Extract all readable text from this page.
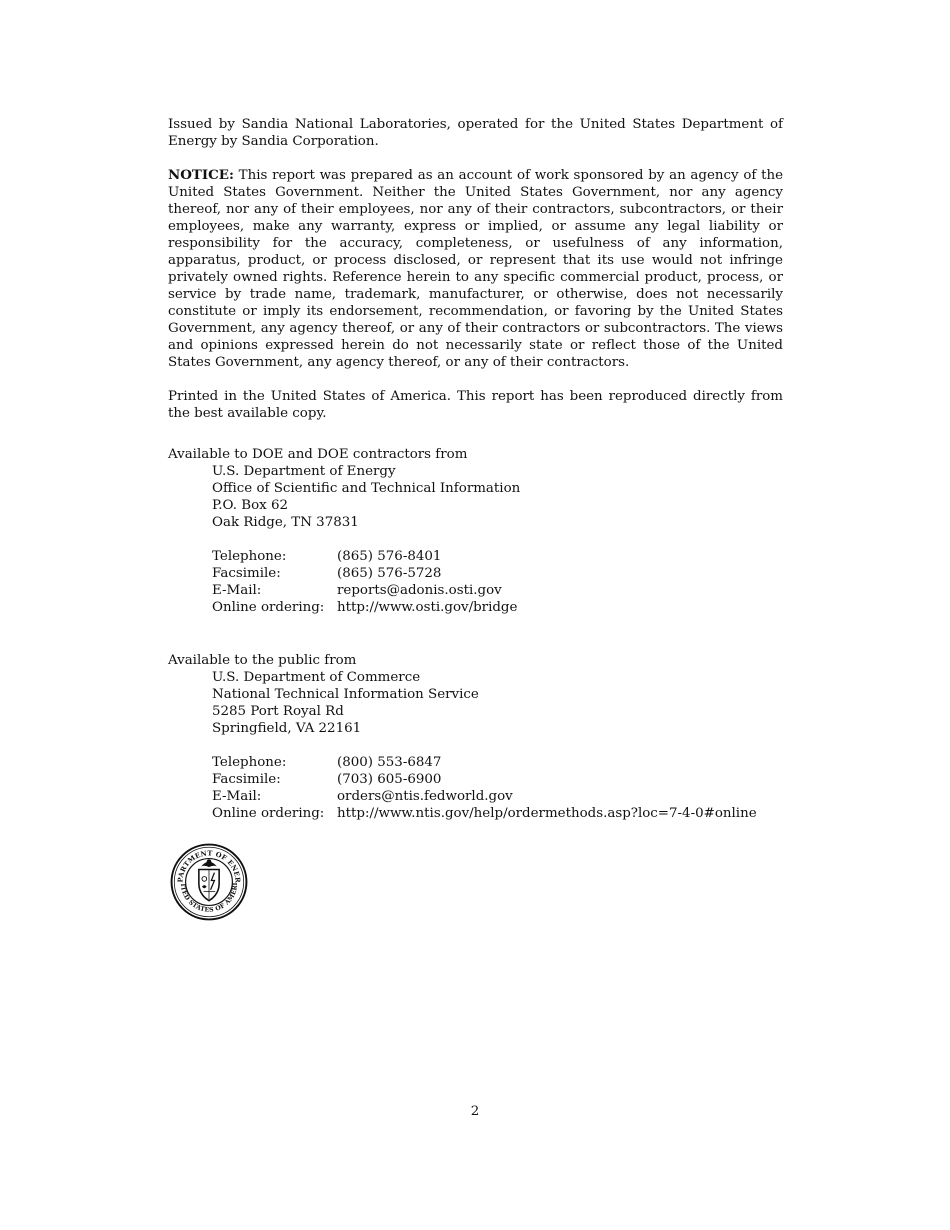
Issued by Sandia National Laboratories, operated for the United States Department of Energy by Sandia Corporation.

NOTICE: This report was prepared as an account of work sponsored by an agency of the United States Government. Neither the United States Government, nor any agency thereof, nor any of their employees, nor any of their contractors, subcontractors, or their employees, make any warranty, express or implied, or assume any legal liability or responsibility for the accuracy, completeness, or usefulness of any information, apparatus, product, or process disclosed, or represent that its use would not infringe privately owned rights. Reference herein to any specific commercial product, process, or service by trade name, trademark, manufacturer, or otherwise, does not necessarily constitute or imply its endorsement, recommendation, or favoring by the United States Government, any agency thereof, or any of their contractors or subcontractors. The views and opinions expressed herein do not necessarily state or reflect those of the United States Government, any agency thereof, or any of their contractors.

Printed in the United States of America. This report has been reproduced directly from the best available copy.

Available to DOE and DOE contractors from
U.S. Department of Energy
Office of Scientific and Technical Information
P.O. Box 62
Oak Ridge, TN 37831
Telephone:	(865) 576-8401
Facsimile:	(865) 576-5728
E-Mail:	reports@adonis.osti.gov
Online ordering: http://www.osti.gov/bridge
Available to the public from
U.S. Department of Commerce
National Technical Information Service
5285 Port Royal Rd
Springfield, VA 22161
Telephone:	(800) 553-6847
Facsimile:	(703) 605-6900
E-Mail:	orders@ntis.fedworld.gov
Online ordering: http://www.ntis.gov/help/ordermethods.asp?loc=7-4-0#online
PARTMENT OF ENER
ITED STATES OF AMERI
2
